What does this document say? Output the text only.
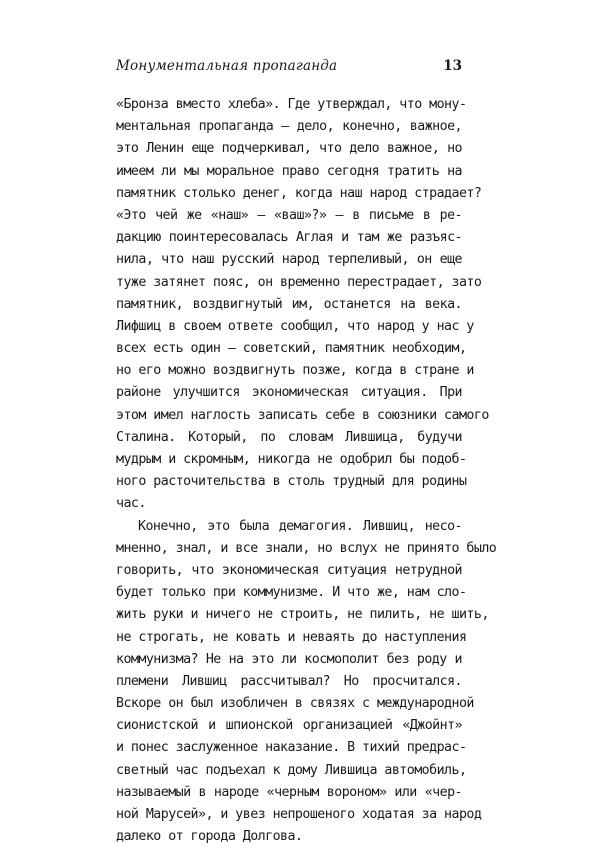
Монументальная пропаганда	13
«Бронза вместо хлеба». Где утверждал, что мону-
ментальная пропаганда — дело, конечно, важное,
это Ленин еще подчеркивал, что дело важное, но
имеем ли мы моральное право сегодня тратить на
памятник столько денег, когда наш народ страдает?
«Это чей же «наш» — «ваш»?» — в письме в ре-
дакцию поинтересовалась Аглая и там же разъяс-
нила, что наш русский народ терпеливый, он еще
туже затянет пояс, он временно перестрадает, зато
памятник, воздвигнутый им, останется на века.
Лифшиц в своем ответе сообщил, что народ у нас у
всех есть один — советский, памятник необходим,
но его можно воздвигнуть позже, когда в стране и
районе улучшится экономическая ситуация. При
этом имел наглость записать себе в союзники самого
Сталина. Который, по словам Лившица, будучи
мудрым и скромным, никогда не одобрил бы подоб-
ного расточительства в столь трудный для родины
час.
Конечно, это была демагогия. Лившиц, несо-
мненно, знал, и все знали, но вслух не принято было
говорить, что экономическая ситуация нетрудной
будет только при коммунизме. И что же, нам сло-
жить руки и ничего не строить, не пилить, не шить,
не строгать, не ковать и неваять до наступления
коммунизма? Не на это ли космополит без роду и
племени Лившиц рассчитывал? Но просчитался.
Вскоре он был изобличен в связях с международной
сионистской и шпионской организацией «Джойнт»
и понес заслуженное наказание. В тихий предрас-
светный час подъехал к дому Лившица автомобиль,
называемый в народе «черным вороном» или «чер-
ной Марусей», и увез непрошеного ходатая за народ
далеко от города Долгова.
